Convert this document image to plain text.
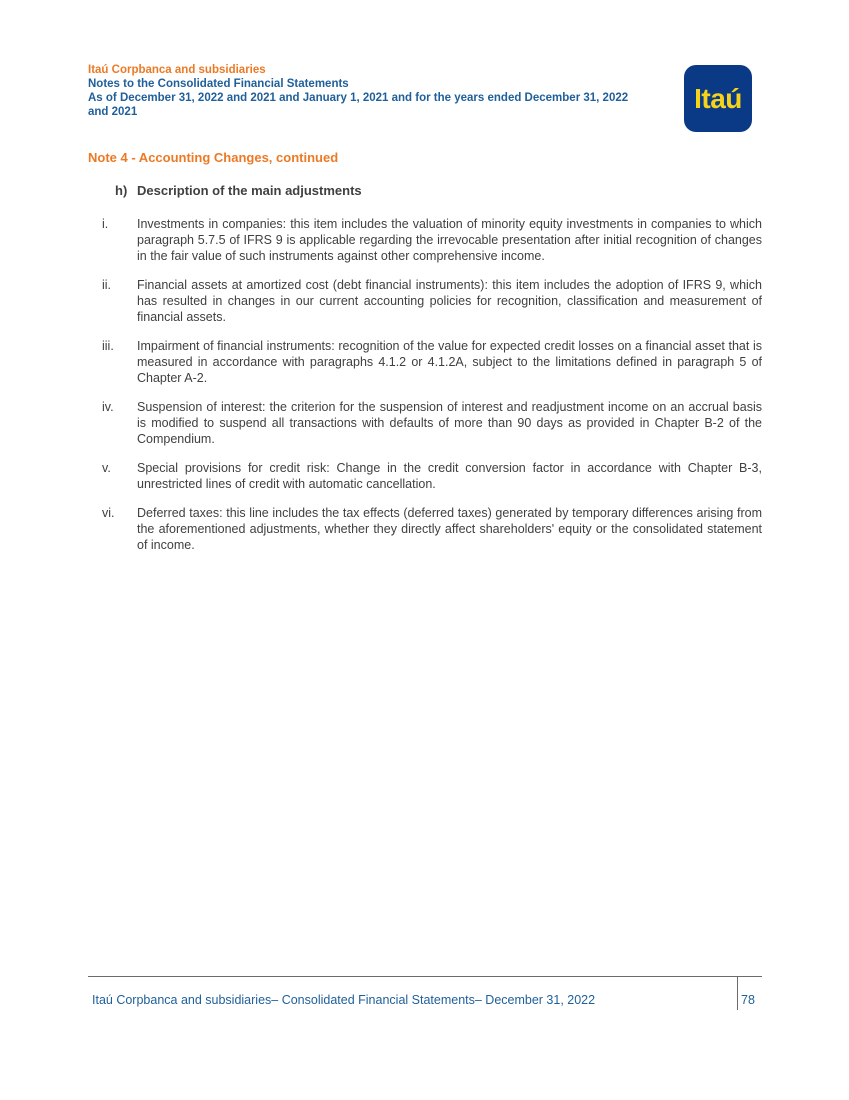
Itaú Corpbanca and subsidiaries
Notes to the Consolidated Financial Statements
As of December 31, 2022 and 2021 and January 1, 2021 and for the years ended December 31, 2022
and 2021	Itaú
Note 4 - Accounting Changes, continued
h) Description of the main adjustments
i.	Investments in companies: this item includes the valuation of minority equity investments in companies to which paragraph 5.7.5 of IFRS 9 is applicable regarding the irrevocable presentation after initial recognition of changes in the fair value of such instruments against other comprehensive income.
ii.	Financial assets at amortized cost (debt financial instruments): this item includes the adoption of IFRS 9, which has resulted in changes in our current accounting policies for recognition, classification and measurement of financial assets.
iii.	Impairment of financial instruments: recognition of the value for expected credit losses on a financial asset that is measured in accordance with paragraphs 4.1.2 or 4.1.2A, subject to the limitations defined in paragraph 5 of Chapter A-2.
iv.	Suspension of interest: the criterion for the suspension of interest and readjustment income on an accrual basis is modified to suspend all transactions with defaults of more than 90 days as provided in Chapter B-2 of the Compendium.
v.	Special provisions for credit risk: Change in the credit conversion factor in accordance with Chapter B-3, unrestricted lines of credit with automatic cancellation.
vi.	Deferred taxes: this line includes the tax effects (deferred taxes) generated by temporary differences arising from the aforementioned adjustments, whether they directly affect shareholders' equity or the consolidated statement of income.
Itaú Corpbanca and subsidiaries– Consolidated Financial Statements– December 31, 2022	78
